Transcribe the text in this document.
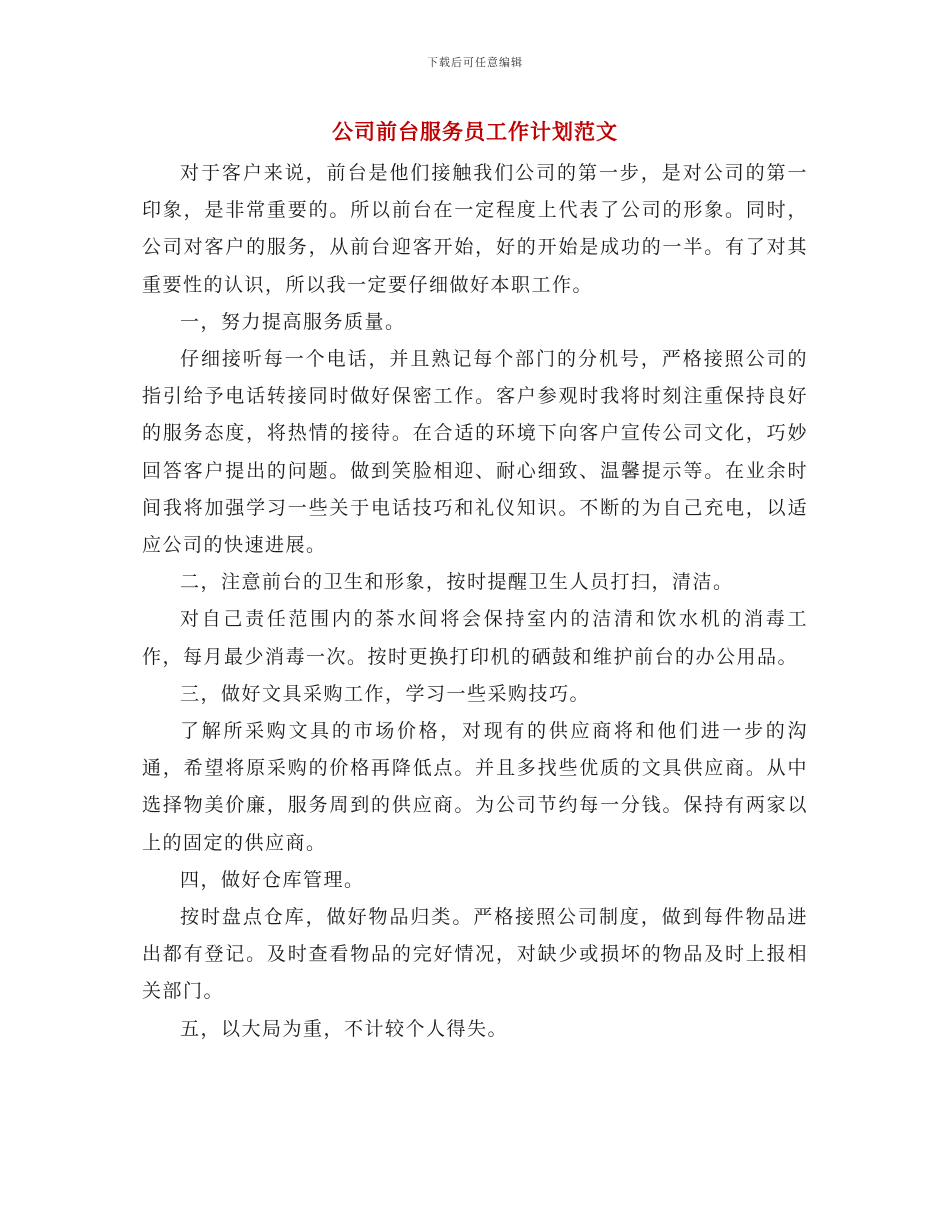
下载后可任意编辑
公司前台服务员工作计划范文

对于客户来说，前台是他们接触我们公司的第一步，是对公司的第一印象，是非常重要的。所以前台在一定程度上代表了公司的形象。同时，公司对客户的服务，从前台迎客开始，好的开始是成功的一半。有了对其重要性的认识，所以我一定要仔细做好本职工作。

一，努力提高服务质量。

仔细接听每一个电话，并且熟记每个部门的分机号，严格接照公司的指引给予电话转接同时做好保密工作。客户参观时我将时刻注重保持良好的服务态度，将热情的接待。在合适的环境下向客户宣传公司文化，巧妙回答客户提出的问题。做到笑脸相迎、耐心细致、温馨提示等。在业余时间我将加强学习一些关于电话技巧和礼仪知识。不断的为自己充电，以适应公司的快速进展。

二，注意前台的卫生和形象，按时提醒卫生人员打扫，清洁。

对自己责任范围内的茶水间将会保持室内的洁清和饮水机的消毒工作，每月最少消毒一次。按时更换打印机的硒鼓和维护前台的办公用品。

三，做好文具采购工作，学习一些采购技巧。

了解所采购文具的市场价格，对现有的供应商将和他们进一步的沟通，希望将原采购的价格再降低点。并且多找些优质的文具供应商。从中选择物美价廉，服务周到的供应商。为公司节约每一分钱。保持有两家以上的固定的供应商。

四，做好仓库管理。

按时盘点仓库，做好物品归类。严格接照公司制度，做到每件物品进出都有登记。及时查看物品的完好情况，对缺少或损坏的物品及时上报相关部门。

五，以大局为重，不计较个人得失。
